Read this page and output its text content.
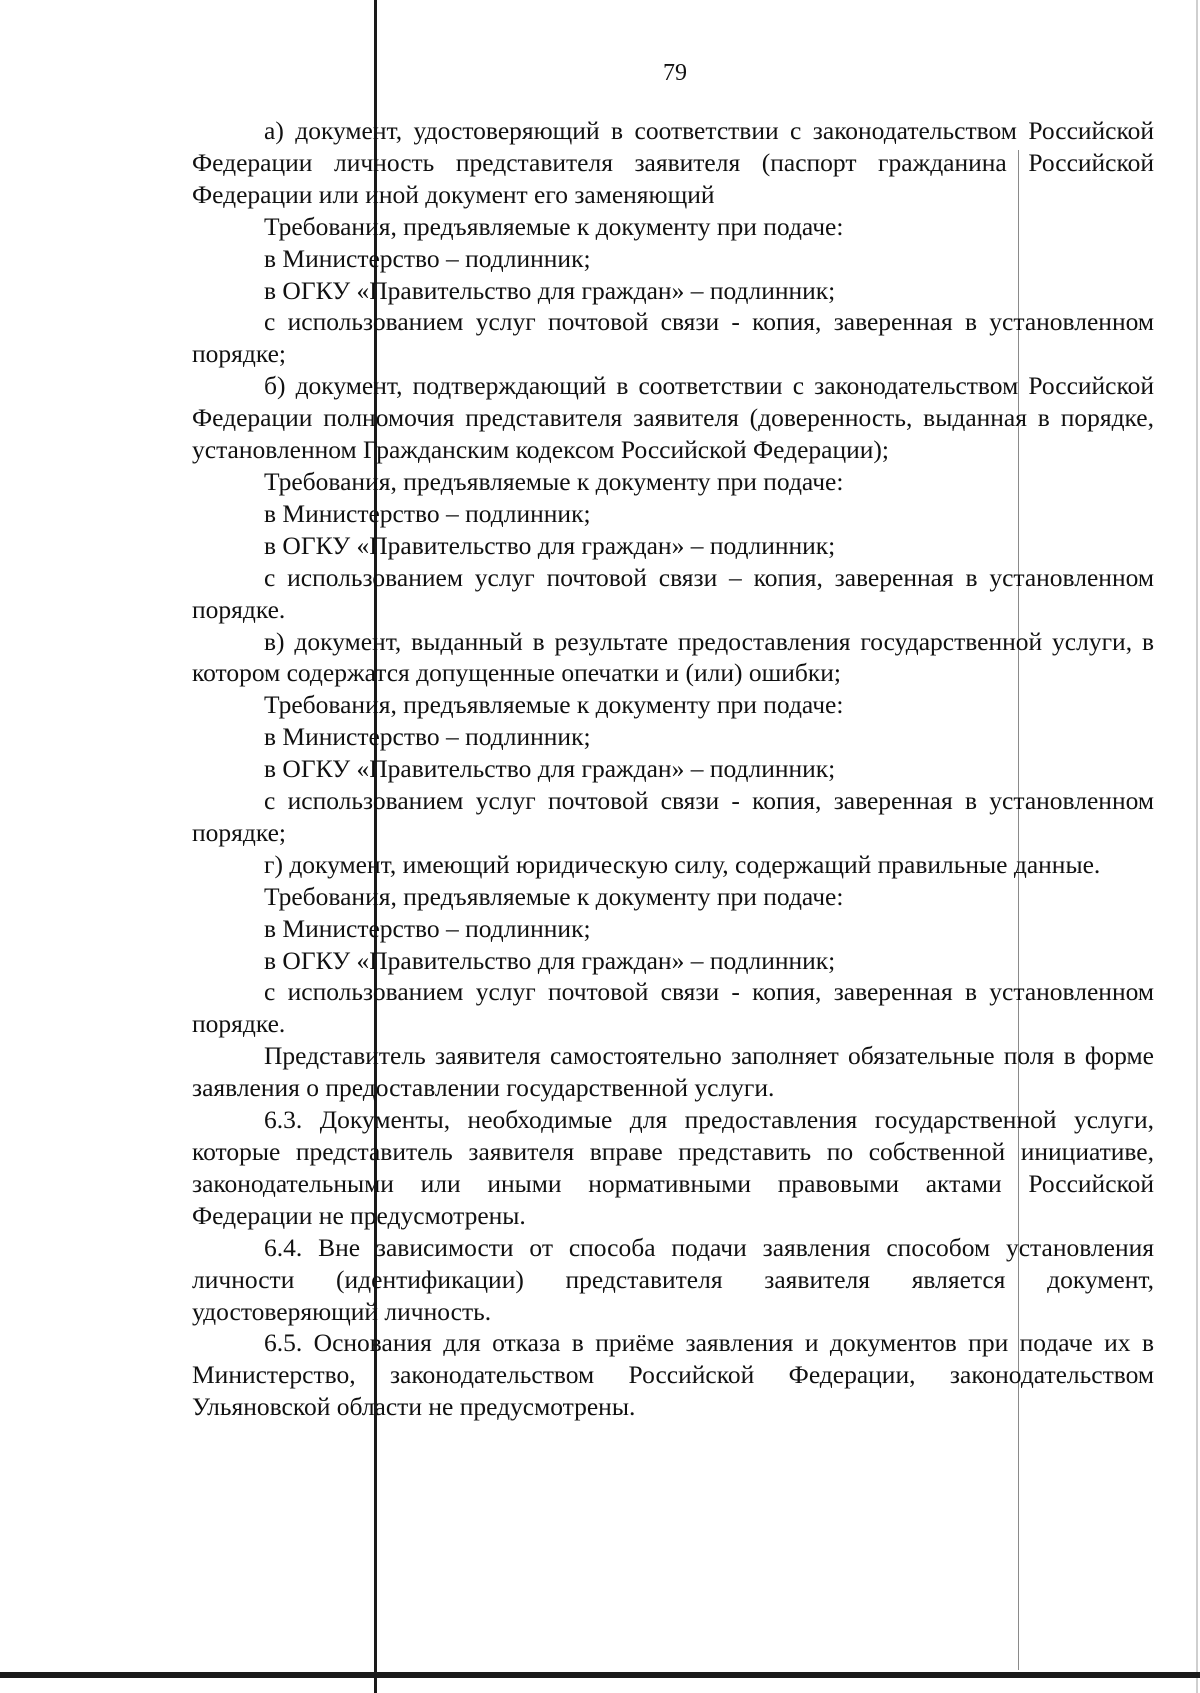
79

а) документ, удостоверяющий в соответствии с законодательством Российской Федерации личность представителя заявителя (паспорт гражданина Российской Федерации или иной документ его заменяющий

Требования, предъявляемые к документу при подаче:

в Министерство – подлинник;

в ОГКУ «Правительство для граждан» – подлинник;

с использованием услуг почтовой связи - копия, заверенная в установленном порядке;

б) документ, подтверждающий в соответствии с законодательством Российской Федерации полномочия представителя заявителя (доверенность, выданная в порядке, установленном Гражданским кодексом Российской Федерации);

Требования, предъявляемые к документу при подаче:

в Министерство – подлинник;

в ОГКУ «Правительство для граждан» – подлинник;

с использованием услуг почтовой связи – копия, заверенная в установленном порядке.

в) документ, выданный в результате предоставления государственной услуги, в котором содержатся допущенные опечатки и (или) ошибки;

Требования, предъявляемые к документу при подаче:

в Министерство – подлинник;

в ОГКУ «Правительство для граждан» – подлинник;

с использованием услуг почтовой связи - копия, заверенная в установленном порядке;

г) документ, имеющий юридическую силу, содержащий правильные данные.

Требования, предъявляемые к документу при подаче:

в Министерство – подлинник;

в ОГКУ «Правительство для граждан» – подлинник;

с использованием услуг почтовой связи - копия, заверенная в установленном порядке.

Представитель заявителя самостоятельно заполняет обязательные поля в форме заявления о предоставлении государственной услуги.

6.3. Документы, необходимые для предоставления государственной услуги, которые представитель заявителя вправе представить по собственной инициативе, законодательными или иными нормативными правовыми актами Российской Федерации не предусмотрены.

6.4. Вне зависимости от способа подачи заявления способом установления личности (идентификации) представителя заявителя является документ, удостоверяющий личность.

6.5. Основания для отказа в приёме заявления и документов при подаче их в Министерство, законодательством Российской Федерации, законодательством Ульяновской области не предусмотрены.
